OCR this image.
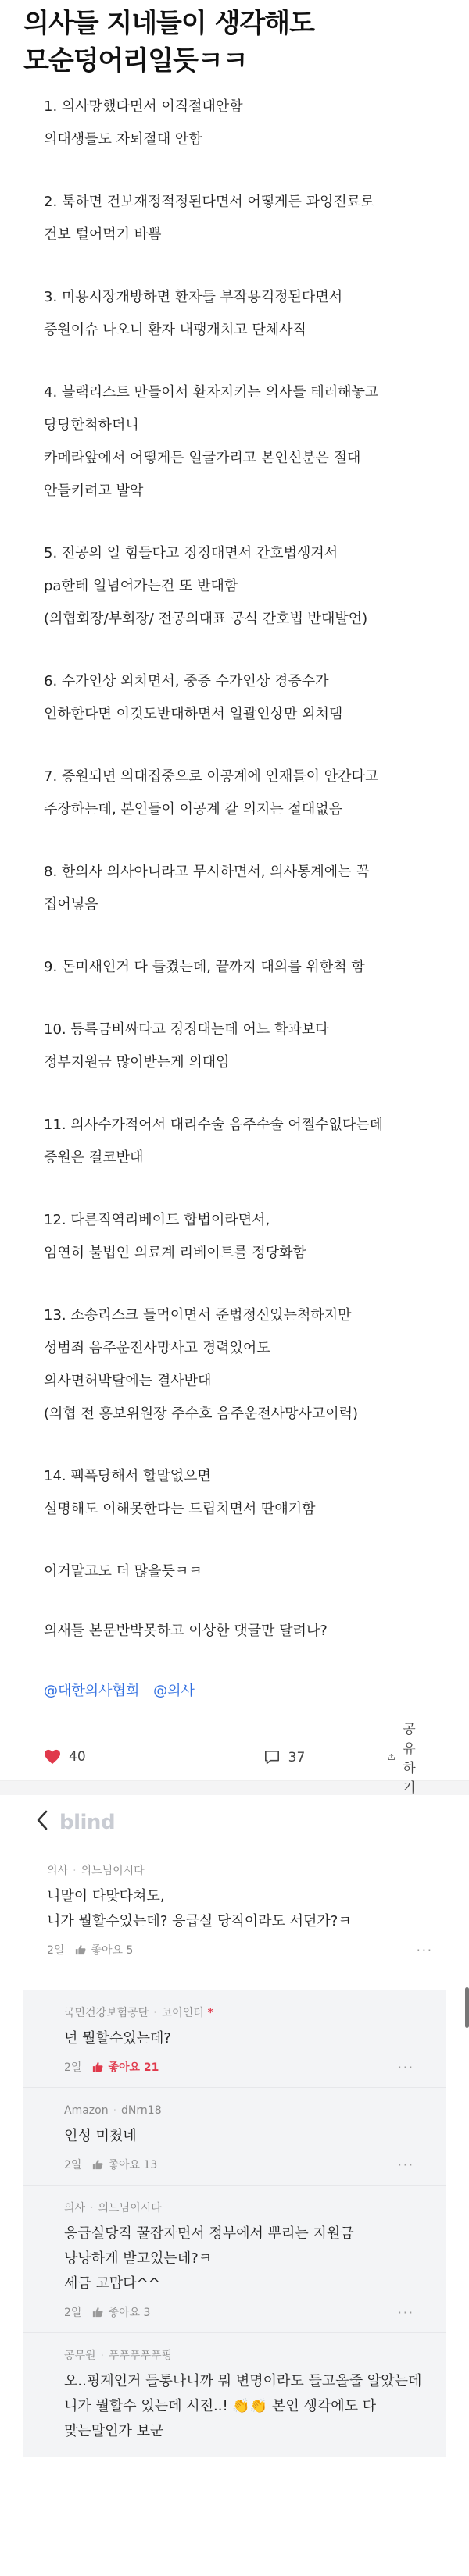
의사들 지네들이 생각해도
모순덩어리일듯ㅋㅋ
1. 의사망했다면서 이직절대안함
의대생들도 자퇴절대 안함
2. 툭하면 건보재정적정된다면서 어떻게든 과잉진료로
건보 털어먹기 바쁨
3. 미용시장개방하면 환자들 부작용걱정된다면서
증원이슈 나오니 환자 내팽개치고 단체사직
4. 블랙리스트 만들어서 환자지키는 의사들 테러해놓고
당당한척하더니
카메라앞에서 어떻게든 얼굴가리고 본인신분은 절대
안들키려고 발악
5. 전공의 일 힘들다고 징징대면서 간호법생겨서
pa한테 일넘어가는건 또 반대함
(의협회장/부회장/ 전공의대표 공식 간호법 반대발언)
6. 수가인상 외치면서, 중증 수가인상 경증수가
인하한다면 이것도반대하면서 일괄인상만 외쳐댐
7. 증원되면 의대집중으로 이공계에 인재들이 안간다고
주장하는데, 본인들이 이공계 갈 의지는 절대없음
8. 한의사 의사아니라고 무시하면서, 의사통계에는 꼭
집어넣음
9. 돈미새인거 다 들켰는데, 끝까지 대의를 위한척 함
10. 등록금비싸다고 징징대는데 어느 학과보다
정부지원금 많이받는게 의대임
11. 의사수가적어서 대리수술 음주수술 어쩔수없다는데
증원은 결코반대
12. 다른직역리베이트 합법이라면서,
엄연히 불법인 의료계 리베이트를 정당화함
13. 소송리스크 들먹이면서 준법정신있는척하지만
성범죄 음주운전사망사고 경력있어도
의사면허박탈에는 결사반대
(의협 전 홍보위원장 주수호 음주운전사망사고이력)
14. 팩폭당해서 할말없으면
설명해도 이해못한다는 드립치면서 딴얘기함
이거말고도 더 많을듯ㅋㅋ
의새들 본문반박못하고 이상한 댓글만 달려나?
@대한의사협회 @의사
40	37
공유하기
blind
의사 · 의느님이시다
니말이 다맞다쳐도,
니가 뭘할수있는데? 응급실 당직이라도 서던가?ㅋ
2일 좋아요 5	···
국민건강보험공단 · 코어인터 *
넌 뭘할수있는데?
2일 좋아요 21	···
Amazon · dNrn18
인성 미쳤네
2일 좋아요 13	···
의사 · 의느님이시다
응급실당직 꿀잡자면서 정부에서 뿌리는 지원금
냥냥하게 받고있는데?ㅋ
세금 고맙다^^
2일 좋아요 3	···
공무원 · 푸푸푸푸푸핑
오..핑계인거 들통나니까 뭐 변명이라도 들고올줄 알았는데
니가 뭘할수 있는데 시전..! 👏👏 본인 생각에도 다
맞는말인가 보군
